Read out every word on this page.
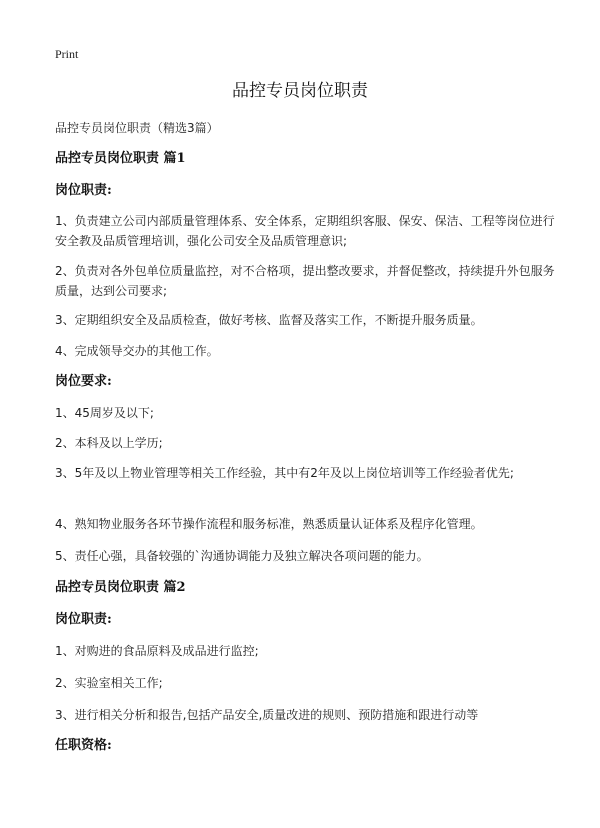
Print
品控专员岗位职责
品控专员岗位职责（精选3篇）
品控专员岗位职责 篇1
岗位职责:
1、负责建立公司内部质量管理体系、安全体系，定期组织客服、保安、保洁、工程等岗位进行安全教及品质管理培训，强化公司安全及品质管理意识;
2、负责对各外包单位质量监控，对不合格项，提出整改要求，并督促整改，持续提升外包服务质量，达到公司要求;
3、定期组织安全及品质检查，做好考核、监督及落实工作，不断提升服务质量。
4、完成领导交办的其他工作。
岗位要求:
1、45周岁及以下;
2、本科及以上学历;
3、5年及以上物业管理等相关工作经验，其中有2年及以上岗位培训等工作经验者优先;
4、熟知物业服务各环节操作流程和服务标准，熟悉质量认证体系及程序化管理。
5、责任心强，具备较强的`沟通协调能力及独立解决各项问题的能力。
品控专员岗位职责 篇2
岗位职责:
1、对购进的食品原料及成品进行监控;
2、实验室相关工作;
3、进行相关分析和报告,包括产品安全,质量改进的规则、预防措施和跟进行动等
任职资格:
